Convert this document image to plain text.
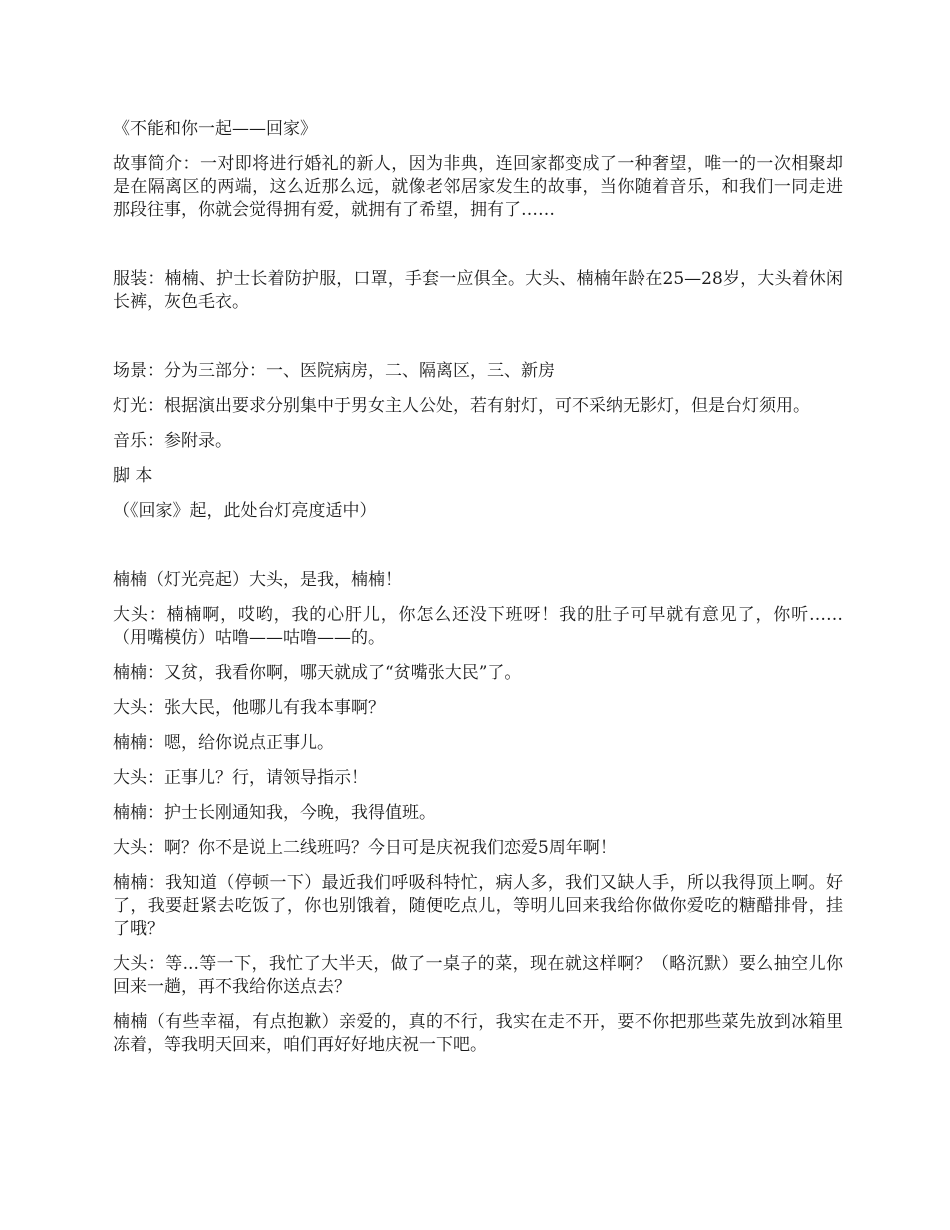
《不能和你一起——回家》

故事简介：一对即将进行婚礼的新人，因为非典，连回家都变成了一种奢望，唯一的一次相聚却是在隔离区的两端，这么近那么远，就像老邻居家发生的故事，当你随着音乐，和我们一同走进那段往事，你就会觉得拥有爱，就拥有了希望，拥有了……

服装：楠楠、护士长着防护服，口罩，手套一应俱全。大头、楠楠年龄在25—28岁，大头着休闲长裤，灰色毛衣。

场景：分为三部分：一、医院病房，二、隔离区，三、新房

灯光：根据演出要求分别集中于男女主人公处，若有射灯，可不采纳无影灯，但是台灯须用。

音乐：参附录。

脚 本

（《回家》起，此处台灯亮度适中）

楠楠（灯光亮起）大头，是我，楠楠！

大头：楠楠啊，哎哟，我的心肝儿，你怎么还没下班呀！我的肚子可早就有意见了，你听……（用嘴模仿）咕噜——咕噜——的。

楠楠：又贫，我看你啊，哪天就成了“贫嘴张大民”了。

大头：张大民，他哪儿有我本事啊？

楠楠：嗯，给你说点正事儿。

大头：正事儿？行，请领导指示！

楠楠：护士长刚通知我，今晚，我得值班。

大头：啊？你不是说上二线班吗？今日可是庆祝我们恋爱5周年啊！

楠楠：我知道（停顿一下）最近我们呼吸科特忙，病人多，我们又缺人手，所以我得顶上啊。好了，我要赶紧去吃饭了，你也别饿着，随便吃点儿，等明儿回来我给你做你爱吃的糖醋排骨，挂了哦？

大头：等...等一下，我忙了大半天，做了一桌子的菜，现在就这样啊？（略沉默）要么抽空儿你回来一趟，再不我给你送点去？

楠楠（有些幸福，有点抱歉）亲爱的，真的不行，我实在走不开，要不你把那些菜先放到冰箱里冻着，等我明天回来，咱们再好好地庆祝一下吧。
